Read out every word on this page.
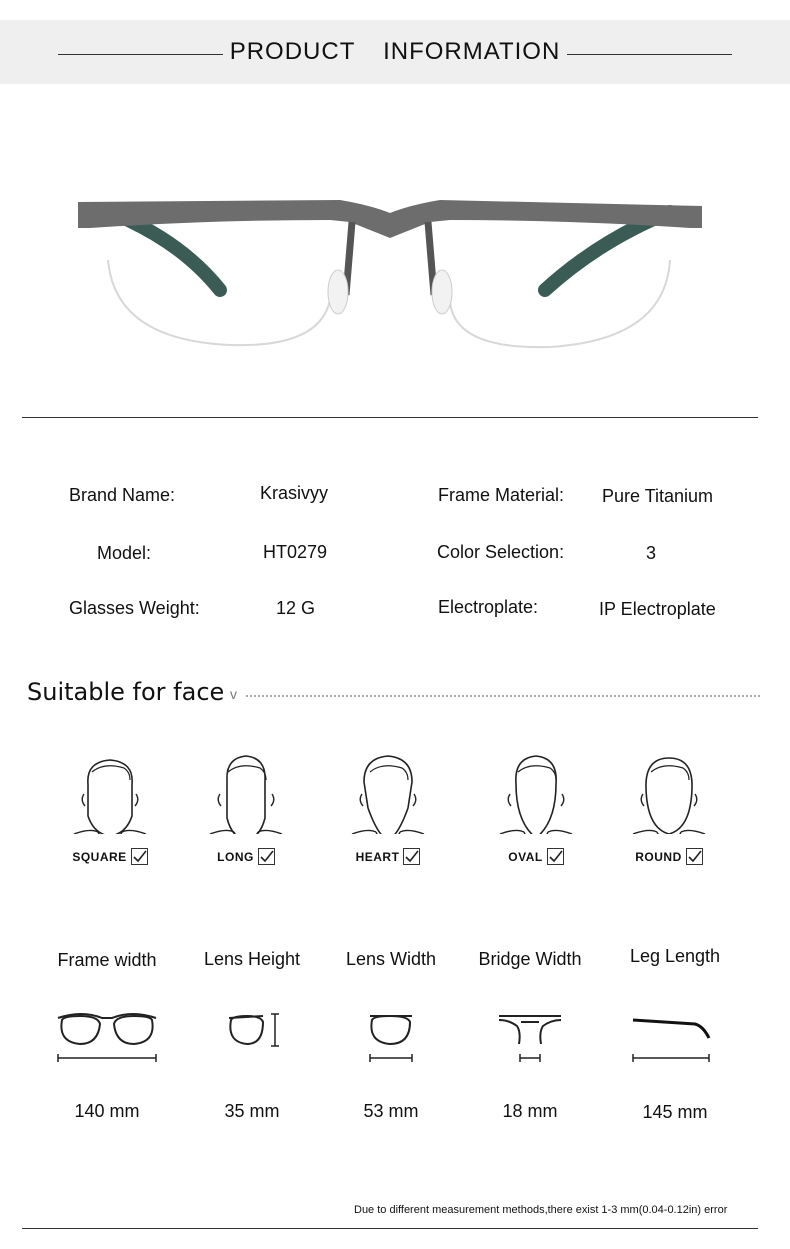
PRODUCT INFORMATION
Brand Name:	Krasivyy	Frame Material: Pure Titanium
Model:	HT0279	Color Selection:	3
Glasses Weight:	12 G	Electroplate:	IP Electroplate
Suitable for face v
SQUARE	LONG	HEART	OVAL	ROUND
Frame width
140 mm
Lens Height
35 mm
Lens Width
53 mm
Bridge Width
18 mm
Leg Length
145 mm
Due to different measurement methods,there exist 1-3 mm(0.04-0.12in) error
